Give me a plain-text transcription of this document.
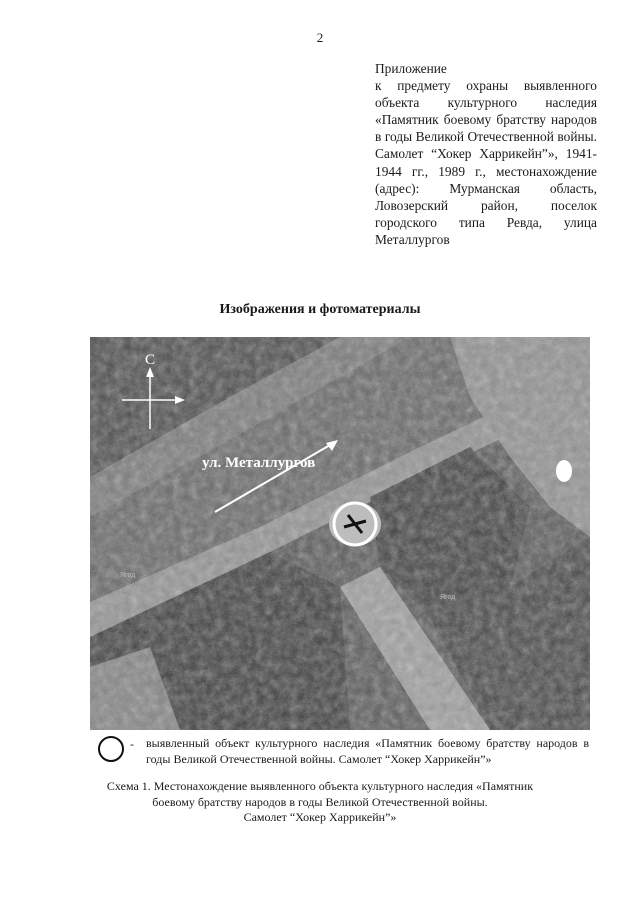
2
Приложение
к предмету охраны выявленного объекта культурного наследия «Памятник боевому братству народов в годы Великой Отечественной войны. Самолет “Хокер Харрикейн”», 1941-1944 гг., 1989 г., местонахождение (адрес): Мурманская область, Ловозерский район, поселок городского типа Ревда, улица Металлургов
Изображения и фотоматериалы
ул. Металлургов
С
Ягод
Ягод
- выявленный объект культурного наследия «Памятник боевому братству народов в годы Великой Отечественной войны. Самолет “Хокер Харрикейн”»
Схема 1. Местонахождение выявленного объекта культурного наследия «Памятник
боевому братству народов в годы Великой Отечественной войны.
Самолет “Хокер Харрикейн”»
